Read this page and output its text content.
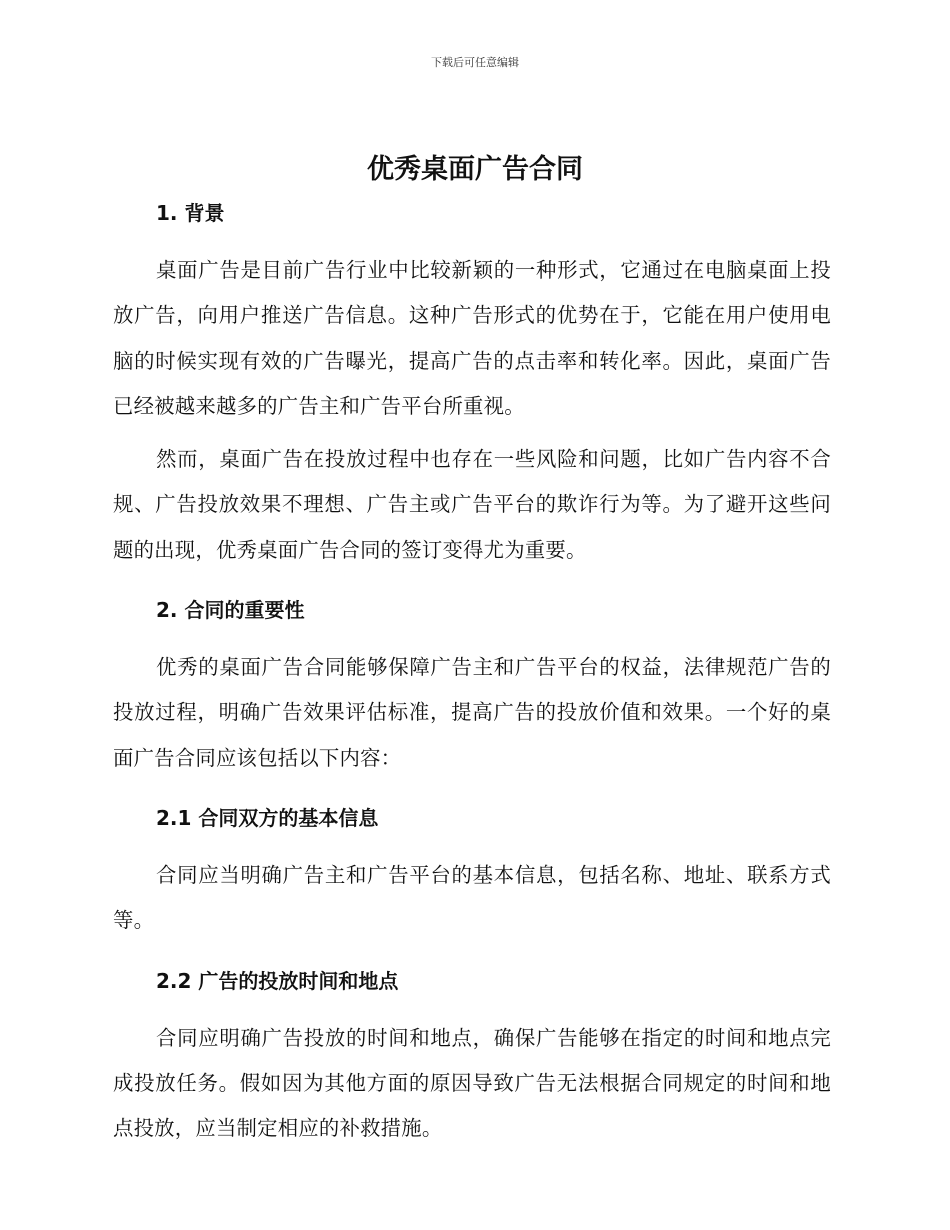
下载后可任意编辑
优秀桌面广告合同
1. 背景

桌面广告是目前广告行业中比较新颖的一种形式，它通过在电脑桌面上投放广告，向用户推送广告信息。这种广告形式的优势在于，它能在用户使用电脑的时候实现有效的广告曝光，提高广告的点击率和转化率。因此，桌面广告已经被越来越多的广告主和广告平台所重视。

然而，桌面广告在投放过程中也存在一些风险和问题，比如广告内容不合规、广告投放效果不理想、广告主或广告平台的欺诈行为等。为了避开这些问题的出现，优秀桌面广告合同的签订变得尤为重要。

2. 合同的重要性

优秀的桌面广告合同能够保障广告主和广告平台的权益，法律规范广告的投放过程，明确广告效果评估标准，提高广告的投放价值和效果。一个好的桌面广告合同应该包括以下内容：

2.1 合同双方的基本信息

合同应当明确广告主和广告平台的基本信息，包括名称、地址、联系方式等。

2.2 广告的投放时间和地点

合同应明确广告投放的时间和地点，确保广告能够在指定的时间和地点完成投放任务。假如因为其他方面的原因导致广告无法根据合同规定的时间和地点投放，应当制定相应的补救措施。
